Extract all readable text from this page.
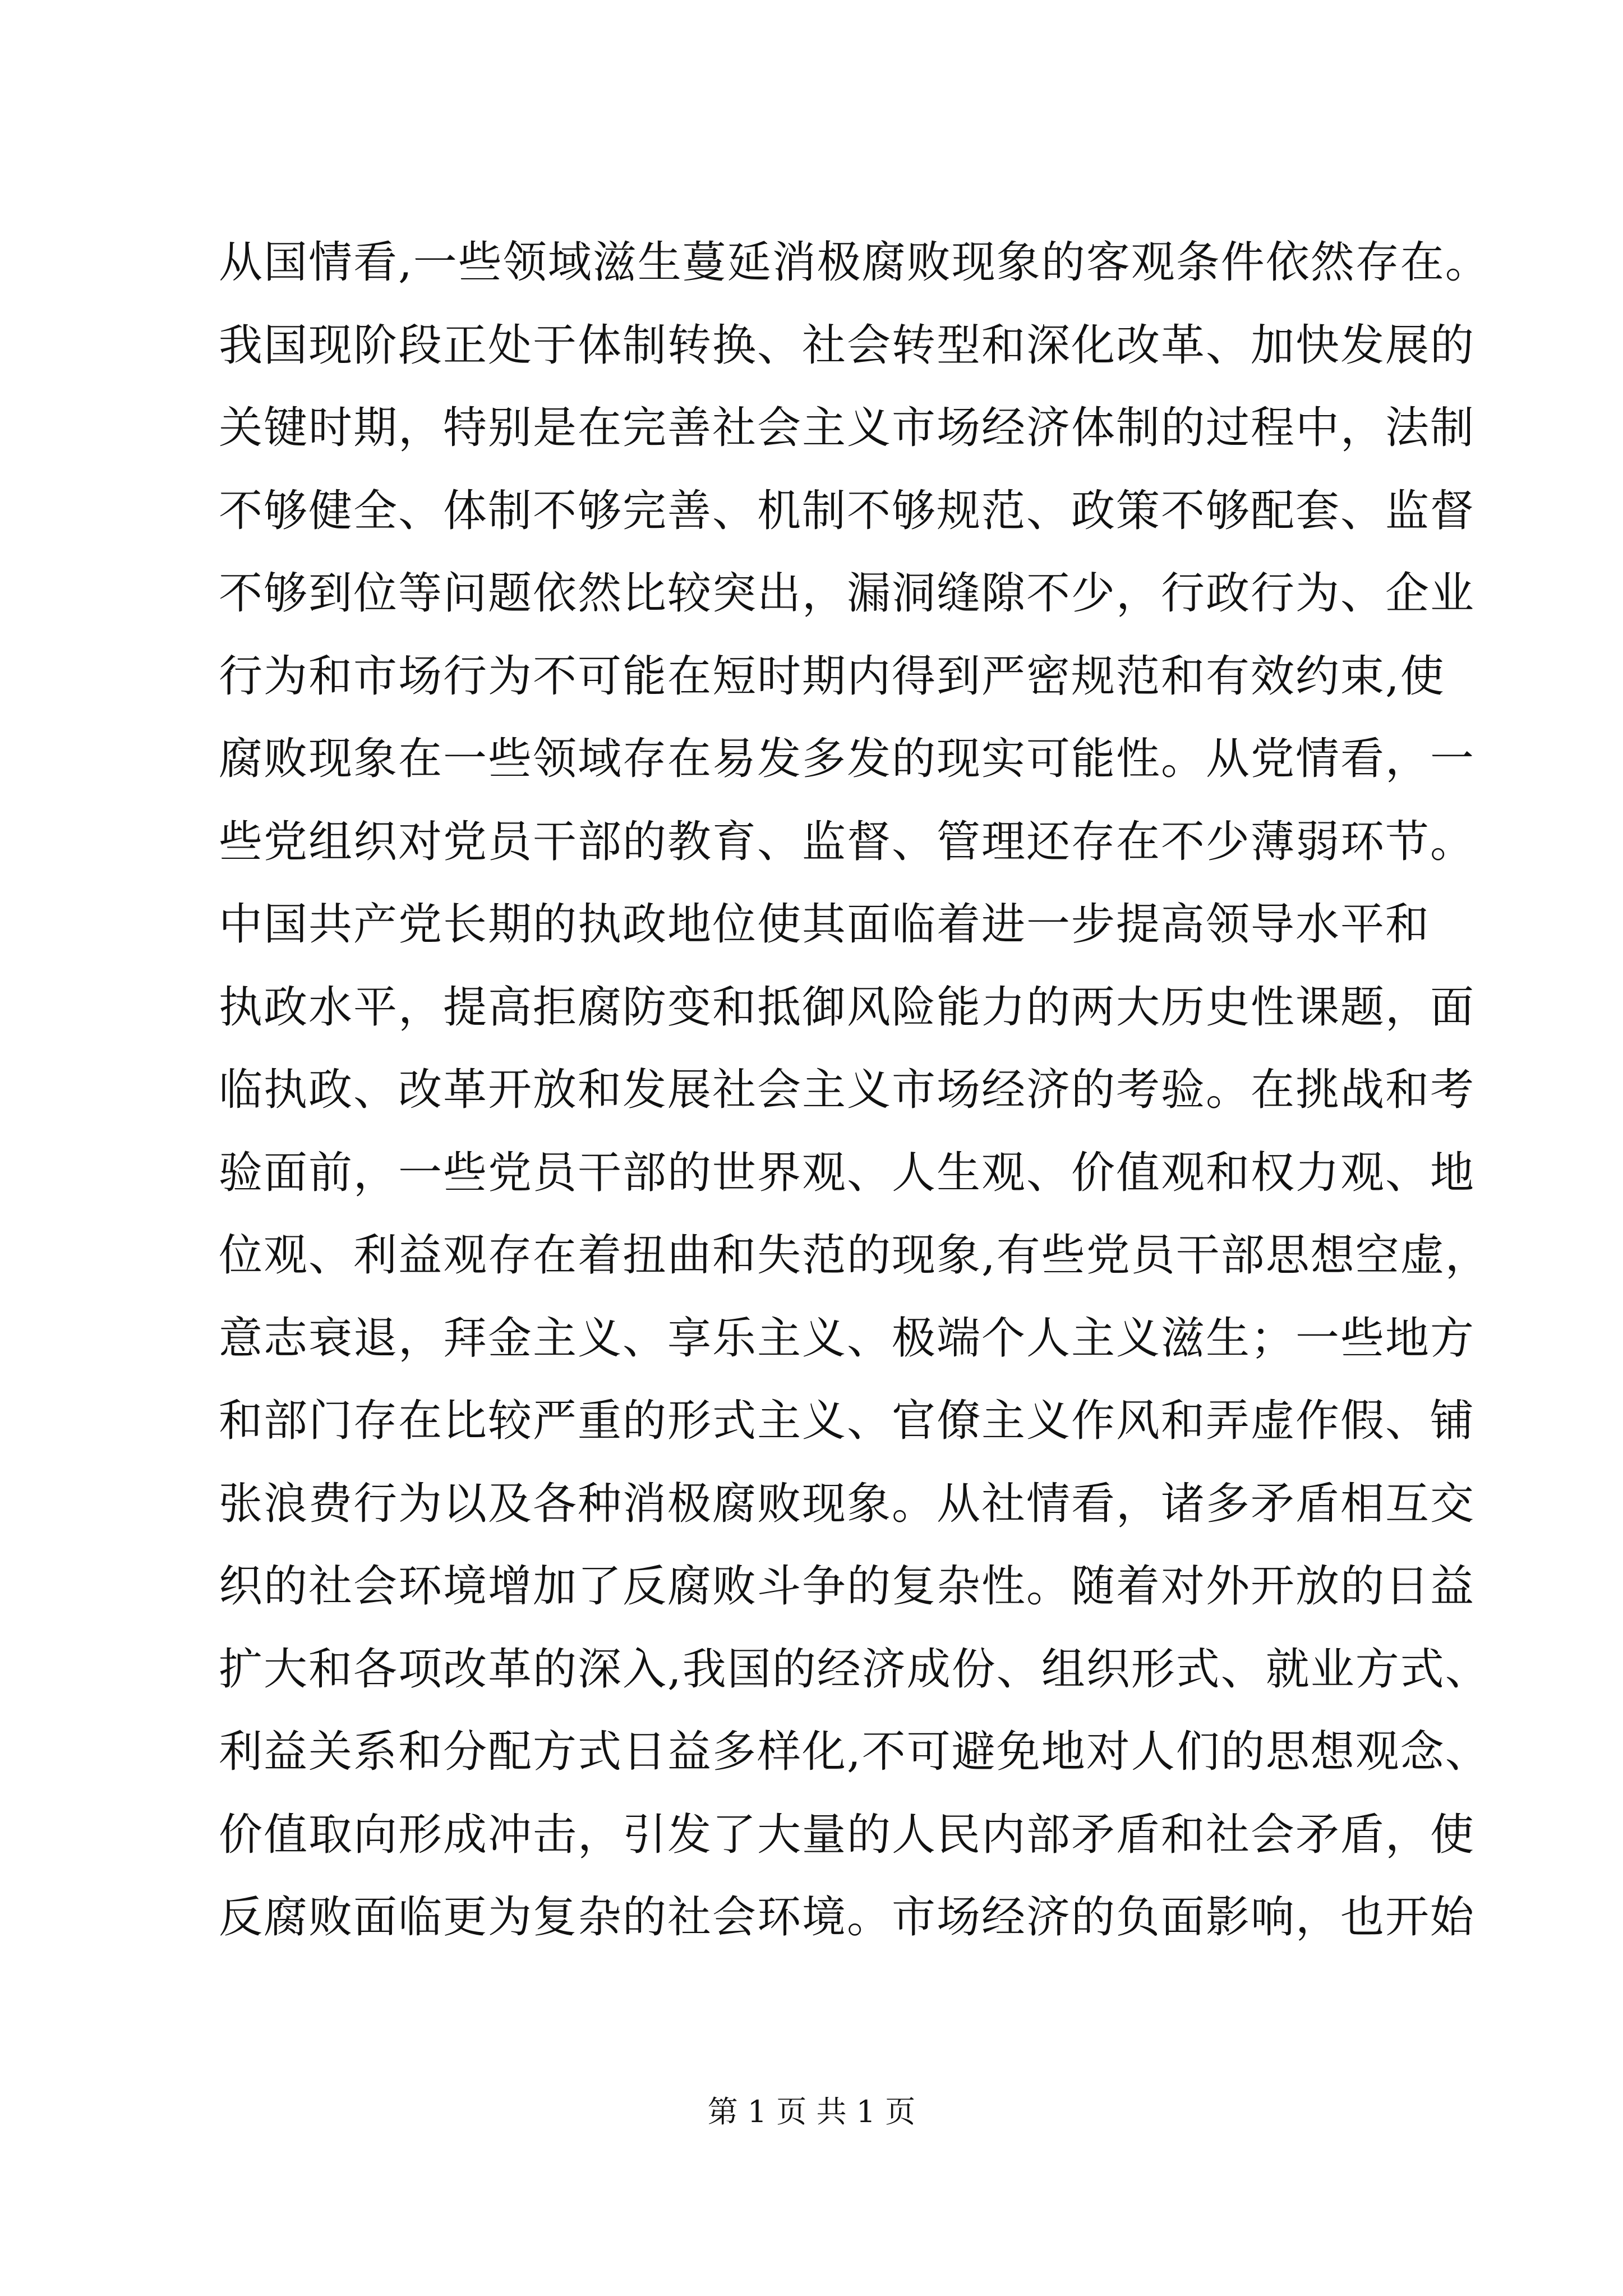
从国情看,一些领域滋生蔓延消极腐败现象的客观条件依然存在。
我国现阶段正处于体制转换、社会转型和深化改革、加快发展的
关键时期，特别是在完善社会主义市场经济体制的过程中，法制
不够健全、体制不够完善、机制不够规范、政策不够配套、监督
不够到位等问题依然比较突出，漏洞缝隙不少，行政行为、企业
行为和市场行为不可能在短时期内得到严密规范和有效约束,使
腐败现象在一些领域存在易发多发的现实可能性。从党情看，一
些党组织对党员干部的教育、监督、管理还存在不少薄弱环节。
中国共产党长期的执政地位使其面临着进一步提高领导水平和
执政水平，提高拒腐防变和抵御风险能力的两大历史性课题，面
临执政、改革开放和发展社会主义市场经济的考验。在挑战和考
验面前，一些党员干部的世界观、人生观、价值观和权力观、地
位观、利益观存在着扭曲和失范的现象,有些党员干部思想空虚，
意志衰退，拜金主义、享乐主义、极端个人主义滋生；一些地方
和部门存在比较严重的形式主义、官僚主义作风和弄虚作假、铺
张浪费行为以及各种消极腐败现象。从社情看，诸多矛盾相互交
织的社会环境增加了反腐败斗争的复杂性。随着对外开放的日益
扩大和各项改革的深入,我国的经济成份、组织形式、就业方式、
利益关系和分配方式日益多样化,不可避免地对人们的思想观念、
价值取向形成冲击，引发了大量的人民内部矛盾和社会矛盾，使
反腐败面临更为复杂的社会环境。市场经济的负面影响，也开始
第 1 页 共 1 页
